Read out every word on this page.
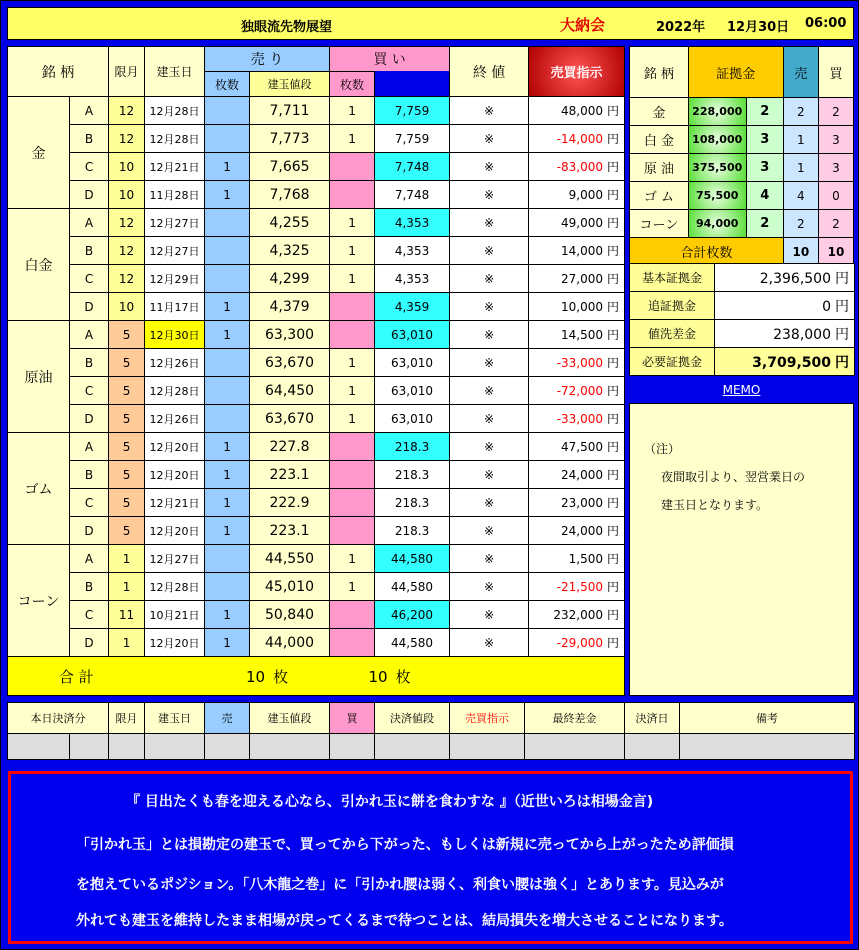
独眼流先物展望	大納会	2022年 12月30日 06:00
銘 柄		限月	建玉日	売 り		買 い		終 値	売買指示	
				枚数	建玉値段	枚数				
金	A	12	12月28日		7,711	1	7,759	※	48,000 円	
	B	12	12月28日		7,773	1	7,759	※	-14,000 円	
	C	10	12月21日	1	7,665		7,748	※	-83,000 円	
	D	10	11月28日	1	7,768		7,748	※	9,000 円	
白金	A	12	12月27日		4,255	1	4,353	※	49,000 円	
	B	12	12月27日		4,325	1	4,353	※	14,000 円	
	C	12	12月29日		4,299	1	4,353	※	27,000 円	
	D	10	11月17日	1	4,379		4,359	※	10,000 円	
原油	A	5	12月30日	1	63,300		63,010	※	14,500 円	
	B	5	12月26日		63,670	1	63,010	※	-33,000 円	
	C	5	12月28日		64,450	1	63,010	※	-72,000 円	
	D	5	12月26日		63,670	1	63,010	※	-33,000 円	
ゴム	A	5	12月20日	1	227.8		218.3	※	47,500 円	
	B	5	12月20日	1	223.1		218.3	※	24,000 円	
	C	5	12月21日	1	222.9		218.3	※	23,000 円	
	D	5	12月20日	1	223.1		218.3	※	24,000 円	
コーン	A	1	12月27日		44,550	1	44,580	※	1,500 円	
	B	1	12月28日		45,010	1	44,580	※	-21,500 円	
	C	11	10月21日	1	50,840		46,200	※	232,000 円	
	D	1	12月20日	1	44,000		44,580	※	-29,000 円	
合 計				10 枚		10 枚		
銘 柄	証拠金		売	買
金	228,000	2	2	2
白 金	108,000	3	1	3
原 油	375,500	3	1	3
ゴ ム	75,500	4	4	0
コーン	94,000	2	2	2
合計枚数			10	10
基本証拠金	2,396,500 円
追証拠金	0 円
値洗差金	238,000 円
必要証拠金	3,709,500 円
MEMO
（注）
夜間取引より、翌営業日の
建玉日となります。
本日決済分		限月	建玉日	売	建玉値段	買	決済値段	売買指示	最終差金	決済日	備考

『 目出たくも春を迎える心なら、引かれ玉に餅を食わすな 』（近世いろは相場金言)

「引かれ玉」とは損勘定の建玉で、買ってから下がった、もしくは新規に売ってから上がったため評価損

を抱えているポジション。「八木龍之巻」に「引かれ腰は弱く、利食い腰は強く」とあります。見込みが

外れても建玉を維持したまま相場が戻ってくるまで待つことは、結局損失を増大させることになります。
